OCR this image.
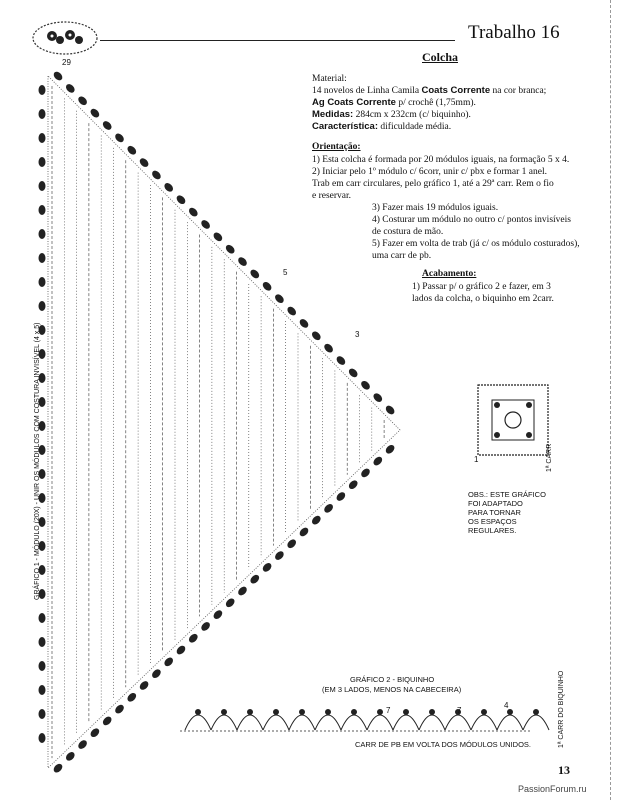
Trabalho 16
Colcha
Material:
14 novelos de Linha Camila Coats Corrente na cor branca;
Ag Coats Corrente p/ crochê (1,75mm).
Medidas: 284cm x 232cm (c/ biquinho).
Característica: dificuldade média.
Orientação:
1) Esta colcha é formada por 20 módulos iguais, na formação 5 x 4.
2) Iniciar pelo 1º módulo c/ 6corr, unir c/ pbx e formar 1 anel.
Trab em carr circulares, pelo gráfico 1, até a 29ª carr. Rem o fio
e reservar.
3) Fazer mais 19 módulos iguais.
4) Costurar um módulo no outro c/ pontos invisíveis
de costura de mão.
5) Fazer em volta de trab (já c/ os módulo costurados),
uma carr de pb.
Acabamento:
1) Passar p/ o gráfico 2 e fazer, em 3
lados da colcha, o biquinho em 2carr.
GRÁFICO 1 - MÓDULO (20X) - UNIR OS MÓDULOS COM COSTURA INVISÍVEL (4 x 5)
29
5
3
1
OBS.: ESTE GRÁFICO
FOI ADAPTADO
PARA TORNAR
OS ESPAÇOS
REGULARES.
1ª CARR
GRÁFICO 2 - BIQUINHO
(EM 3 LADOS, MENOS NA CABECEIRA)
CARR DE PB EM VOLTA DOS MÓDULOS UNIDOS.	1ª CARR DO BIQUINHO
4
7	7
13
PassionForum.ru
